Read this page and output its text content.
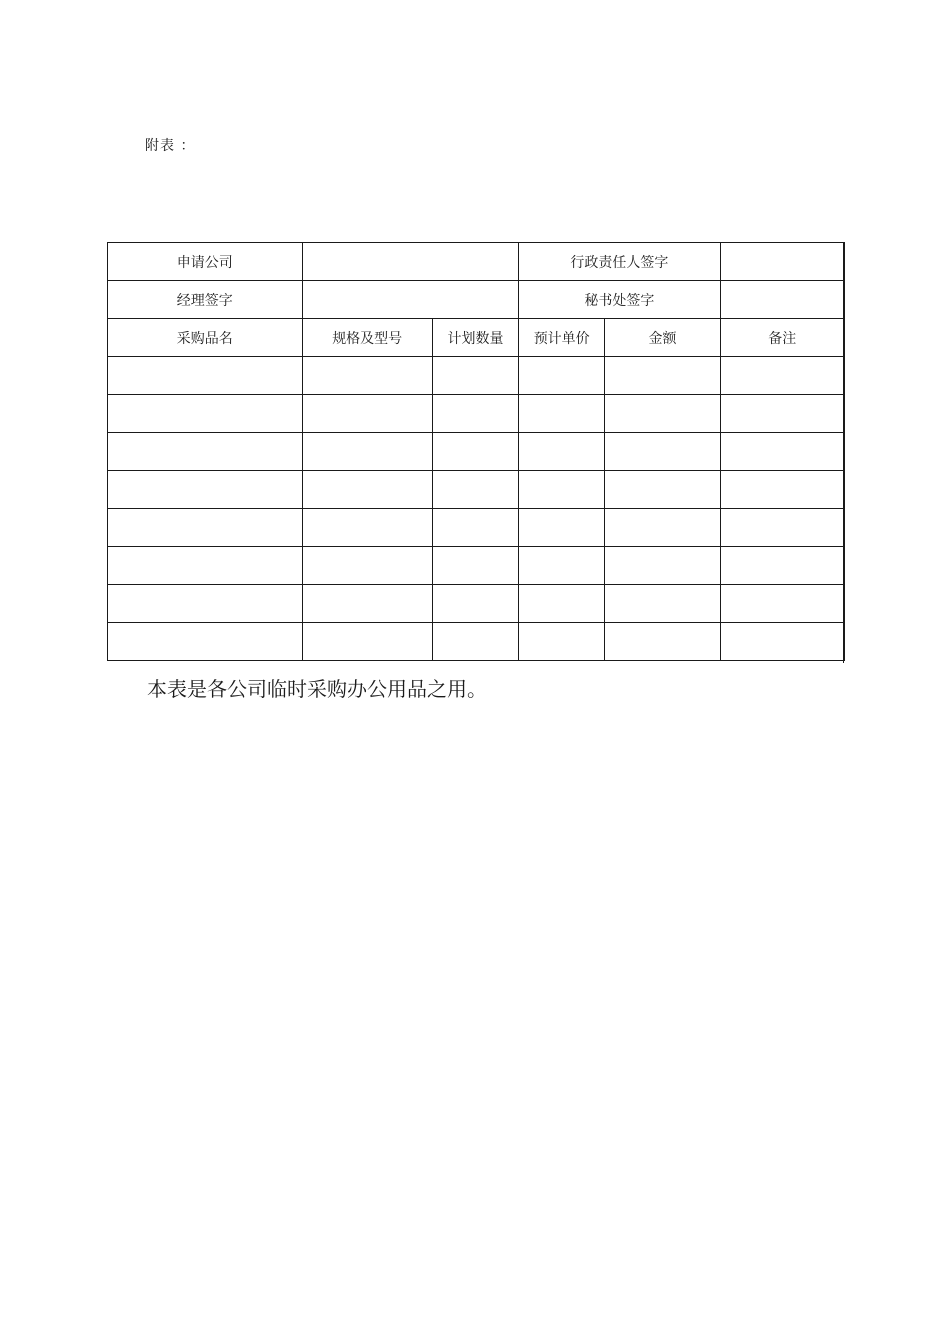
附表 ：
申请公司			行政责任人签字		
经理签字			秘书处签字		
采购品名	规格及型号	计划数量	预计单价	金额	备注

本表是各公司临时采购办公用品之用。
